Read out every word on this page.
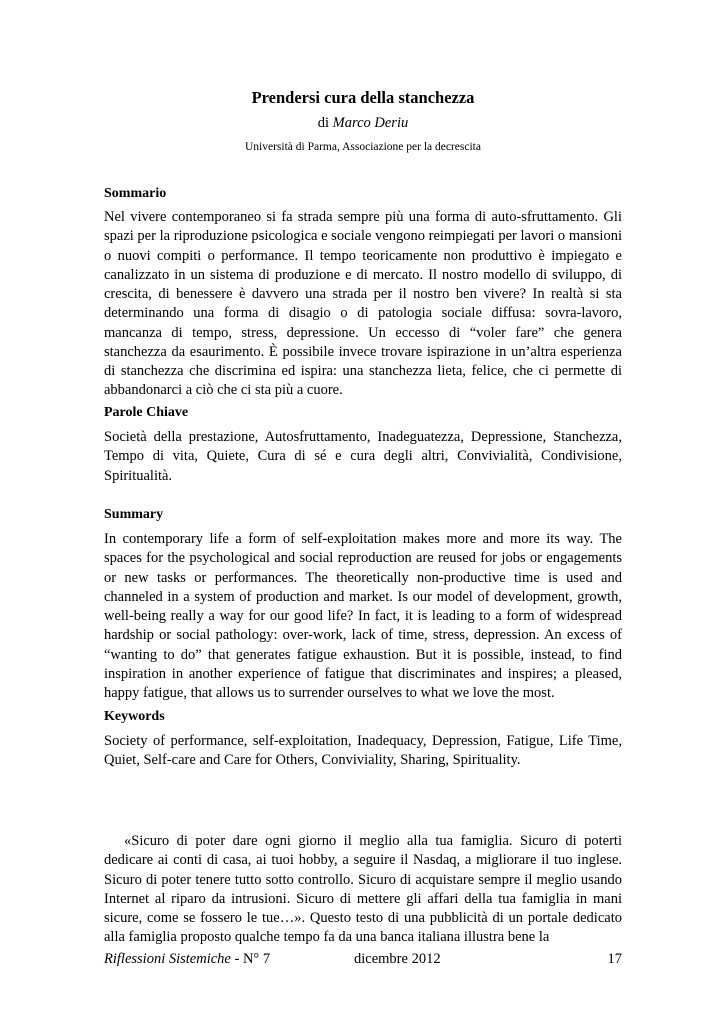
Prendersi cura della stanchezza

di Marco Deriu

Università di Parma, Associazione per la decrescita

Sommario

Nel vivere contemporaneo si fa strada sempre più una forma di auto-sfruttamento. Gli spazi per la riproduzione psicologica e sociale vengono reimpiegati per lavori o mansioni o nuovi compiti o performance. Il tempo teoricamente non produttivo è impiegato e canalizzato in un sistema di produzione e di mercato. Il nostro modello di sviluppo, di crescita, di benessere è davvero una strada per il nostro ben vivere? In realtà si sta determinando una forma di disagio o di patologia sociale diffusa: sovra-lavoro, mancanza di tempo, stress, depressione. Un eccesso di “voler fare” che genera stanchezza da esaurimento. È possibile invece trovare ispirazione in un’altra esperienza di stanchezza che discrimina ed ispira: una stanchezza lieta, felice, che ci permette di abbandonarci a ciò che ci sta più a cuore.

Parole Chiave

Società della prestazione, Autosfruttamento, Inadeguatezza, Depressione, Stanchezza, Tempo di vita, Quiete, Cura di sé e cura degli altri, Convivialità, Condivisione, Spiritualità.

Summary

In contemporary life a form of self-exploitation makes more and more its way. The spaces for the psychological and social reproduction are reused for jobs or engagements or new tasks or performances. The theoretically non-productive time is used and channeled in a system of production and market. Is our model of development, growth, well-being really a way for our good life? In fact, it is leading to a form of widespread hardship or social pathology: over-work, lack of time, stress, depression. An excess of “wanting to do” that generates fatigue exhaustion. But it is possible, instead, to find inspiration in another experience of fatigue that discriminates and inspires; a pleased, happy fatigue, that allows us to surrender ourselves to what we love the most.

Keywords

Society of performance, self-exploitation, Inadequacy, Depression, Fatigue, Life Time, Quiet, Self-care and Care for Others, Conviviality, Sharing, Spirituality.

«Sicuro di poter dare ogni giorno il meglio alla tua famiglia. Sicuro di poterti dedicare ai conti di casa, ai tuoi hobby, a seguire il Nasdaq, a migliorare il tuo inglese. Sicuro di poter tenere tutto sotto controllo. Sicuro di acquistare sempre il meglio usando Internet al riparo da intrusioni. Sicuro di mettere gli affari della tua famiglia in mani sicure, come se fossero le tue…». Questo testo di una pubblicità di un portale dedicato alla famiglia proposto qualche tempo fa da una banca italiana illustra bene la

Riflessioni Sistemiche - N° 7	dicembre 2012	17
